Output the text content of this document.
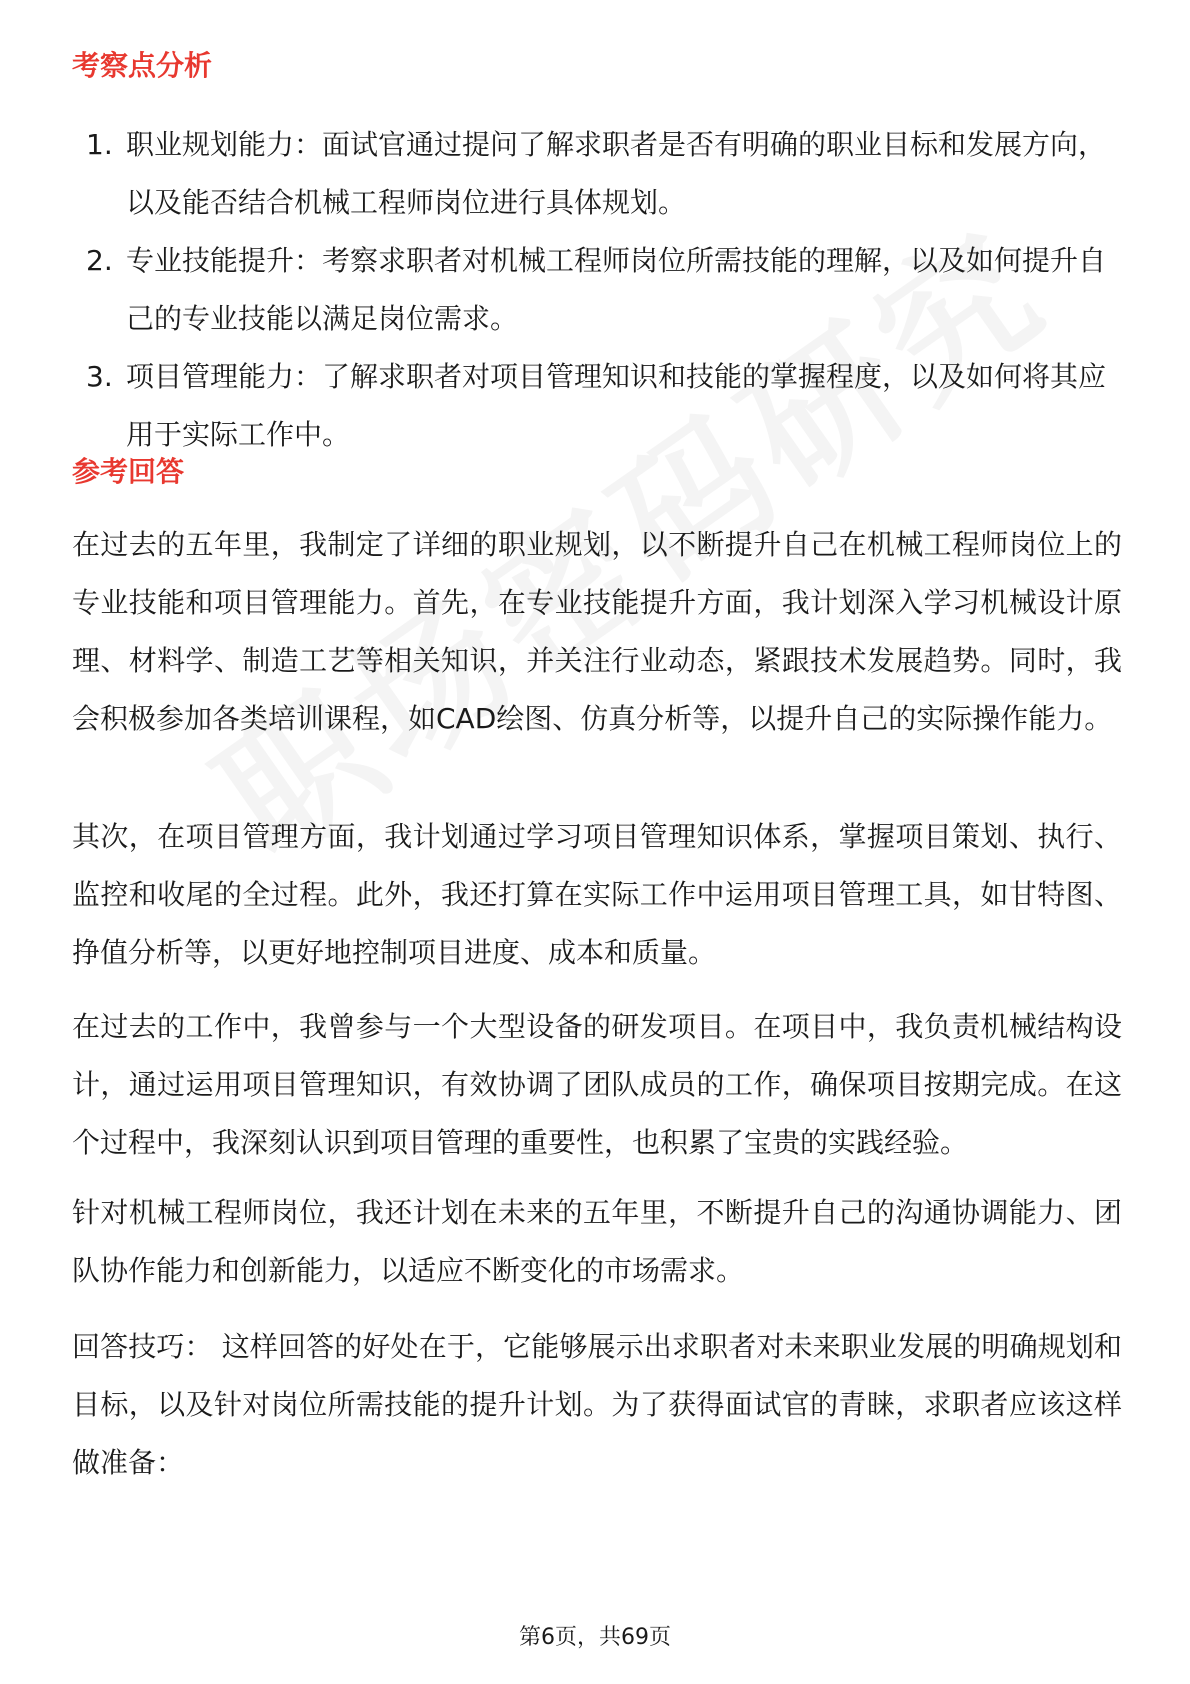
考察点分析
1. 职业规划能力：面试官通过提问了解求职者是否有明确的职业目标和发展方向，以及能否结合机械工程师岗位进行具体规划。
2. 专业技能提升：考察求职者对机械工程师岗位所需技能的理解，以及如何提升自己的专业技能以满足岗位需求。
3. 项目管理能力：了解求职者对项目管理知识和技能的掌握程度，以及如何将其应用于实际工作中。
参考回答

在过去的五年里，我制定了详细的职业规划，以不断提升自己在机械工程师岗位上的专业技能和项目管理能力。首先，在专业技能提升方面，我计划深入学习机械设计原理、材料学、制造工艺等相关知识，并关注行业动态，紧跟技术发展趋势。同时，我会积极参加各类培训课程，如CAD绘图、仿真分析等，以提升自己的实际操作能力。

其次，在项目管理方面，我计划通过学习项目管理知识体系，掌握项目策划、执行、监控和收尾的全过程。此外，我还打算在实际工作中运用项目管理工具，如甘特图、挣值分析等，以更好地控制项目进度、成本和质量。

在过去的工作中，我曾参与一个大型设备的研发项目。在项目中，我负责机械结构设计，通过运用项目管理知识，有效协调了团队成员的工作，确保项目按期完成。在这个过程中，我深刻认识到项目管理的重要性，也积累了宝贵的实践经验。

针对机械工程师岗位，我还计划在未来的五年里，不断提升自己的沟通协调能力、团队协作能力和创新能力，以适应不断变化的市场需求。

回答技巧： 这样回答的好处在于，它能够展示出求职者对未来职业发展的明确规划和目标，以及针对岗位所需技能的提升计划。为了获得面试官的青睐，求职者应该这样做准备：

第6页，共69页
